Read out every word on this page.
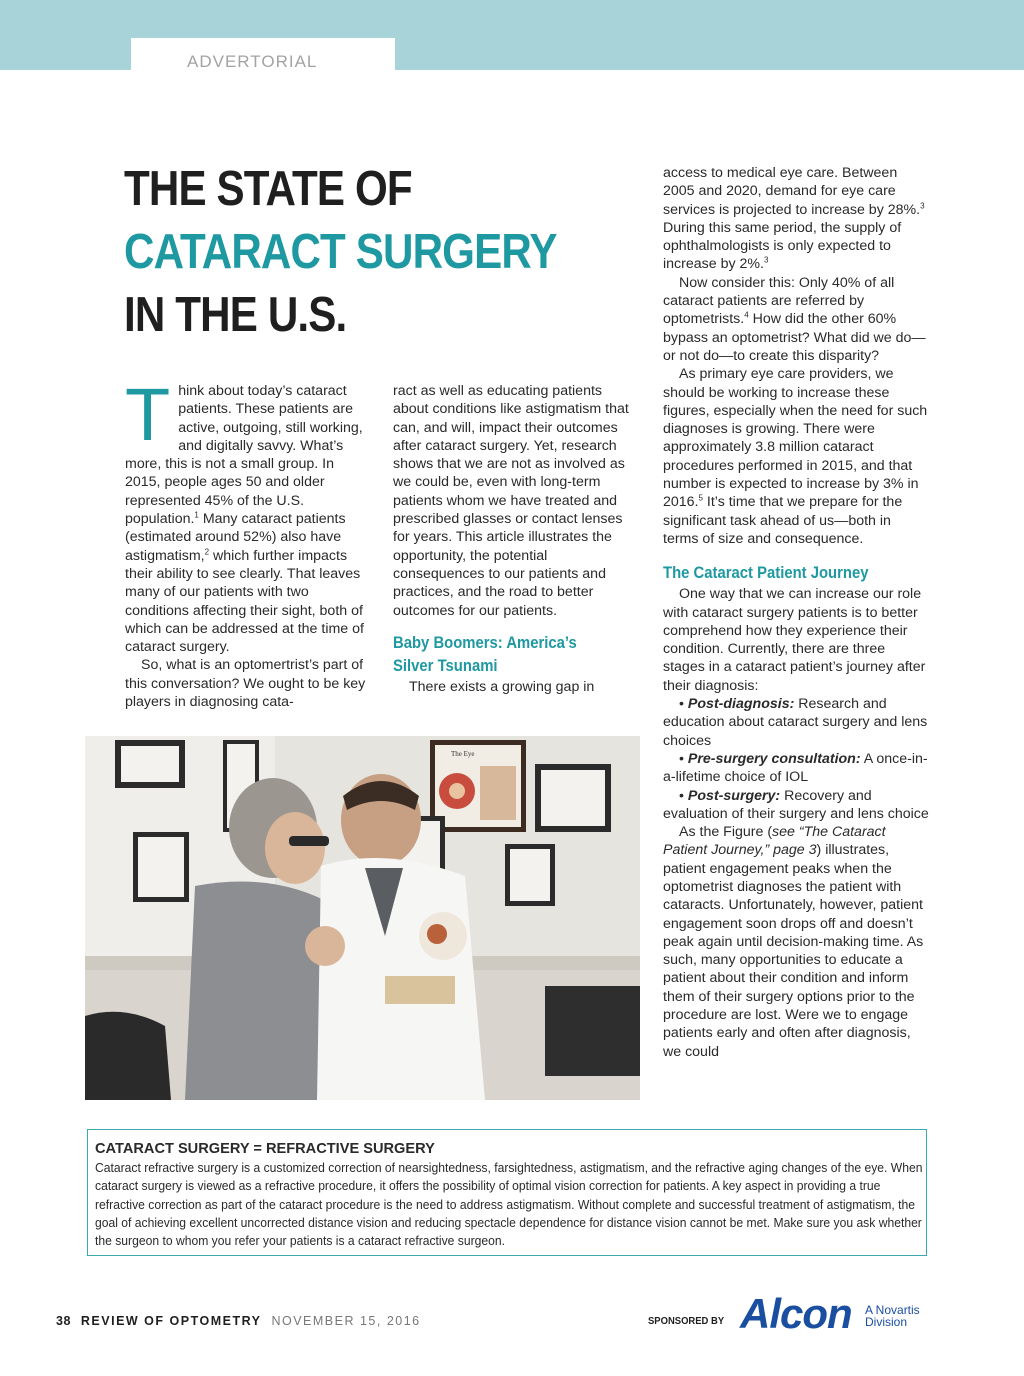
ADVERTORIAL
THE STATE OF
CATARACT SURGERY
IN THE U.S.

Think about today’s cataract patients. These patients are active, outgoing, still working, and digitally savvy. What’s more, this is not a small group. In 2015, people ages 50 and older represented 45% of the U.S. population.$^1$ Many cataract patients (estimated around 52%) also have astigmatism,$^2$ which further impacts their ability to see clearly. That leaves many of our patients with two conditions affecting their sight, both of which can be addressed at the time of cataract surgery.

So, what is an optomertrist’s part of this conversation? We ought to be key players in diagnosing cata-

ract as well as educating patients about conditions like astigmatism that can, and will, impact their outcomes after cataract surgery. Yet, research shows that we are not as involved as we could be, even with long-term patients whom we have treated and prescribed glasses or contact lenses for years. This article illustrates the opportunity, the potential consequences to our patients and practices, and the road to better outcomes for our patients.

Baby Boomers: America’s
Silver Tsunami

There exists a growing gap in

access to medical eye care. Between 2005 and 2020, demand for eye care services is projected to increase by 28%.$^3$ During this same period, the supply of ophthalmologists is only expected to increase by 2%.$^3$

Now consider this: Only 40% of all cataract patients are referred by optometrists.$^4$ How did the other 60% bypass an optometrist? What did we do—or not do—to create this disparity?

As primary eye care providers, we should be working to increase these figures, especially when the need for such diagnoses is growing. There were approximately 3.8 million cataract procedures performed in 2015, and that number is expected to increase by 3% in 2016.$^5$ It’s time that we prepare for the significant task ahead of us—both in terms of size and consequence.

The Cataract Patient Journey

One way that we can increase our role with cataract surgery patients is to better comprehend how they experience their condition. Currently, there are three stages in a cataract patient’s journey after their diagnosis:

• Post-diagnosis: Research and education about cataract surgery and lens choices

• Pre-surgery consultation: A once-in-a-lifetime choice of IOL

• Post-surgery: Recovery and evaluation of their surgery and lens choice

As the Figure (see “The Cataract Patient Journey,” page 3) illustrates, patient engagement peaks when the optometrist diagnoses the patient with cataracts. Unfortunately, however, patient engagement soon drops off and doesn’t peak again until decision-making time. As such, many opportunities to educate a patient about their condition and inform them of their surgery options prior to the procedure are lost. Were we to engage patients early and often after diagnosis, we could

The Eye

CATARACT SURGERY = REFRACTIVE SURGERY

Cataract refractive surgery is a customized correction of nearsightedness, farsightedness, astigmatism, and the refractive aging changes of the eye. When cataract surgery is viewed as a refractive procedure, it offers the possibility of optimal vision correction for patients. A key aspect in providing a true refractive correction as part of the cataract procedure is the need to address astigmatism. Without complete and successful treatment of astigmatism, the goal of achieving excellent uncorrected distance vision and reducing spectacle dependence for distance vision cannot be met. Make sure you ask whether the surgeon to whom you refer your patients is a cataract refractive surgeon.

38 REVIEW OF OPTOMETRY NOVEMBER 15, 2016	SPONSORED BY Alcon A Novartis
Division
